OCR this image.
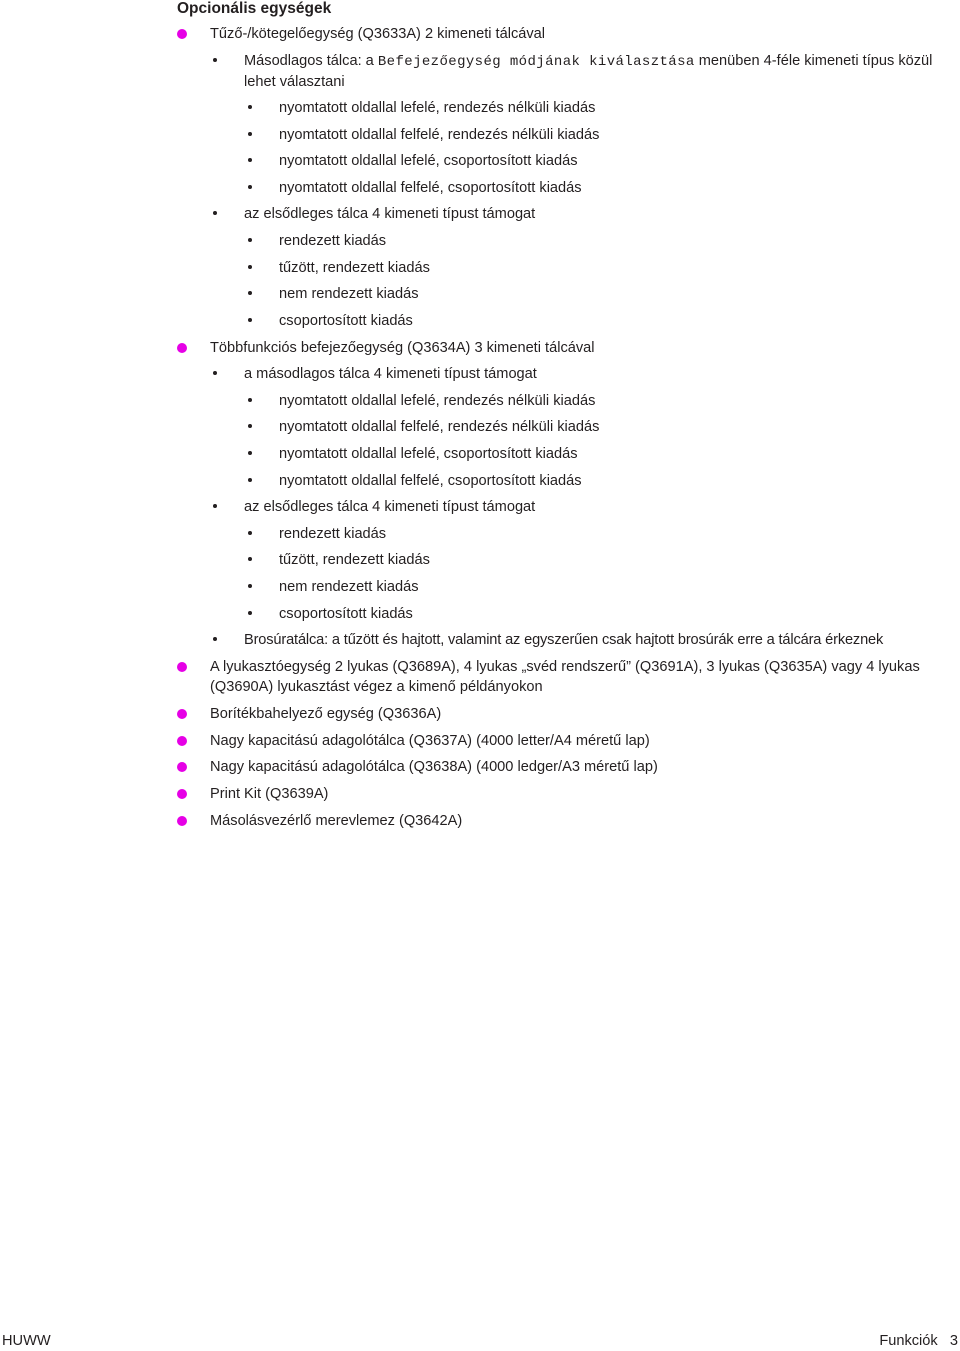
Opcionális egységek
Tűző-/kötegelőegység (Q3633A) 2 kimeneti tálcával
Másodlagos tálca: a Befejezőegység módjának kiválasztása menüben 4-féle kimeneti típus közül lehet választani
nyomtatott oldallal lefelé, rendezés nélküli kiadás
nyomtatott oldallal felfelé, rendezés nélküli kiadás
nyomtatott oldallal lefelé, csoportosított kiadás
nyomtatott oldallal felfelé, csoportosított kiadás
az elsődleges tálca 4 kimeneti típust támogat
rendezett kiadás
tűzött, rendezett kiadás
nem rendezett kiadás
csoportosított kiadás
Többfunkciós befejezőegység (Q3634A) 3 kimeneti tálcával
a másodlagos tálca 4 kimeneti típust támogat
nyomtatott oldallal lefelé, rendezés nélküli kiadás
nyomtatott oldallal felfelé, rendezés nélküli kiadás
nyomtatott oldallal lefelé, csoportosított kiadás
nyomtatott oldallal felfelé, csoportosított kiadás
az elsődleges tálca 4 kimeneti típust támogat
rendezett kiadás
tűzött, rendezett kiadás
nem rendezett kiadás
csoportosított kiadás
Brosúratálca: a tűzött és hajtott, valamint az egyszerűen csak hajtott brosúrák erre a tálcára érkeznek
A lyukasztóegység 2 lyukas (Q3689A), 4 lyukas „svéd rendszerű” (Q3691A), 3 lyukas (Q3635A) vagy 4 lyukas (Q3690A) lyukasztást végez a kimenő példányokon
Borítékbahelyező egység (Q3636A)
Nagy kapacitású adagolótálca (Q3637A) (4000 letter/A4 méretű lap)
Nagy kapacitású adagolótálca (Q3638A) (4000 ledger/A3 méretű lap)
Print Kit (Q3639A)
Másolásvezérlő merevlemez (Q3642A)
HUWW	Funkciók   3
